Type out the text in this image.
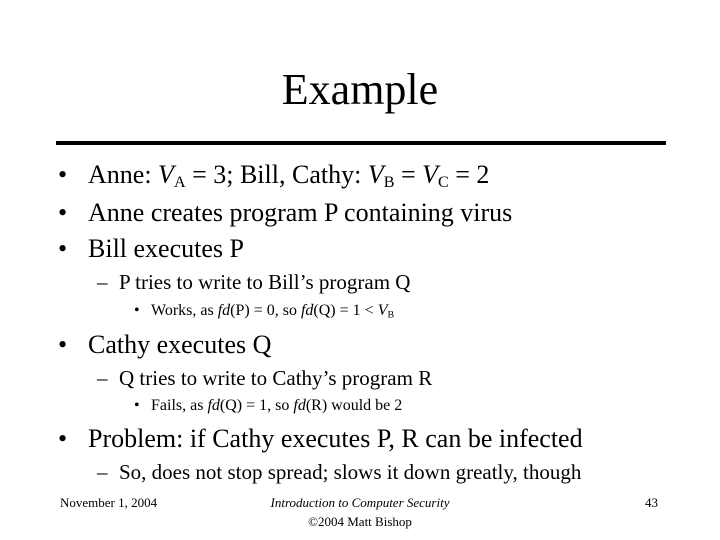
Example
• Anne: $V_A = 3$; Bill, Cathy: $V_B = V_C = 2$
• Anne creates program P containing virus
• Bill executes P
– P tries to write to Bill’s program Q
• Works, as fd(P) = 0, so $fd(Q) = 1 < V_B$
• Cathy executes Q
– Q tries to write to Cathy’s program R
• Fails, as fd(Q) = 1, so fd(R) would be 2
• Problem: if Cathy executes P, R can be infected
– So, does not stop spread; slows it down greatly, though
November 1, 2004	Introduction to Computer Security
©2004 Matt Bishop
43
